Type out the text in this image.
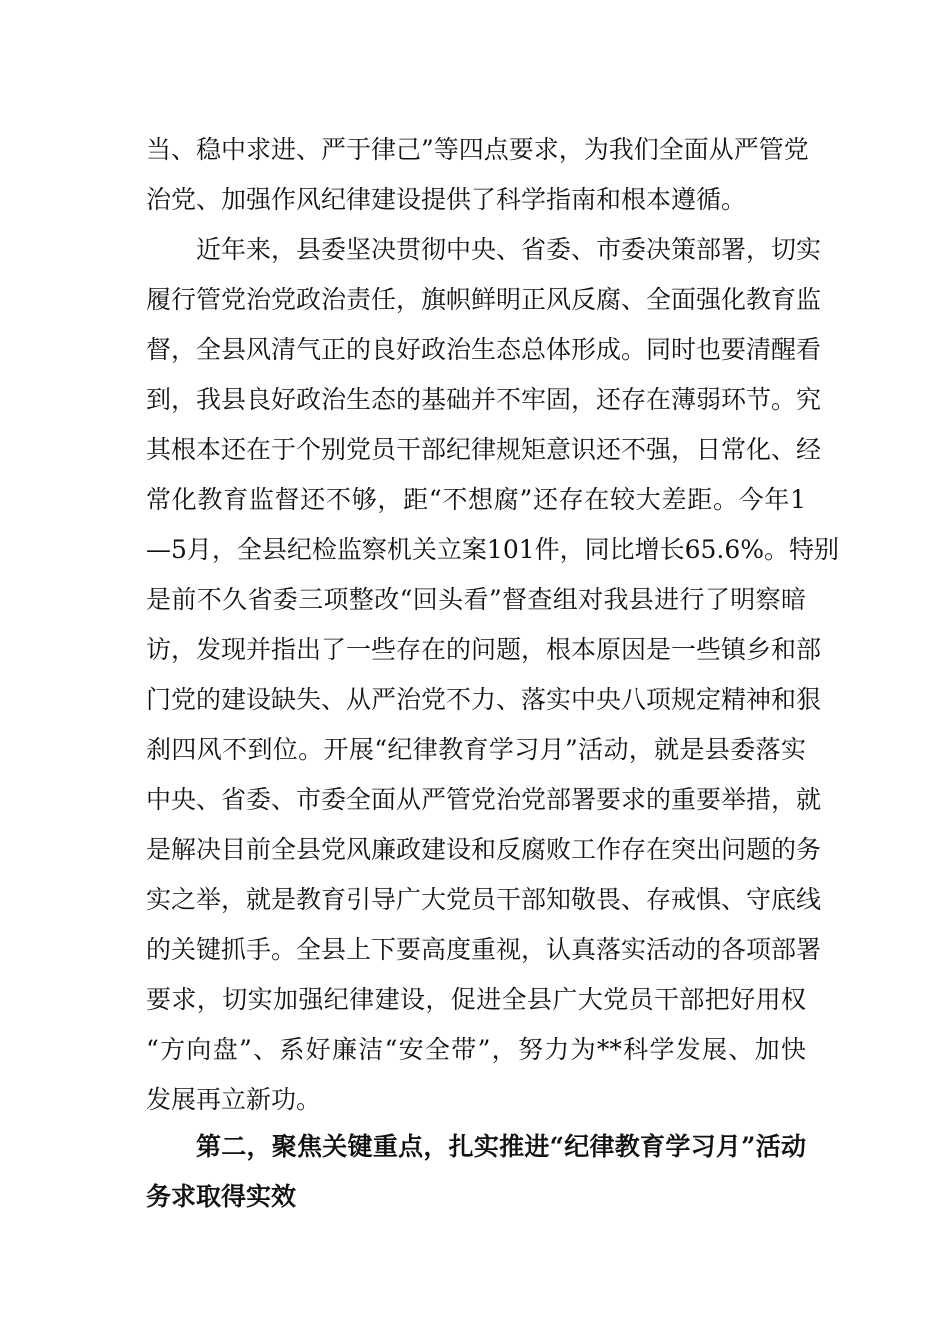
当、稳中求进、严于律己”等四点要求，为我们全面从严管党
治党、加强作风纪律建设提供了科学指南和根本遵循。
近年来，县委坚决贯彻中央、省委、市委决策部署，切实
履行管党治党政治责任，旗帜鲜明正风反腐、全面强化教育监
督，全县风清气正的良好政治生态总体形成。同时也要清醒看
到，我县良好政治生态的基础并不牢固，还存在薄弱环节。究
其根本还在于个别党员干部纪律规矩意识还不强，日常化、经
常化教育监督还不够，距“不想腐”还存在较大差距。今年1
—5月，全县纪检监察机关立案101件，同比增长65.6%。特别
是前不久省委三项整改“回头看”督查组对我县进行了明察暗
访，发现并指出了一些存在的问题，根本原因是一些镇乡和部
门党的建设缺失、从严治党不力、落实中央八项规定精神和狠
刹四风不到位。开展“纪律教育学习月”活动，就是县委落实
中央、省委、市委全面从严管党治党部署要求的重要举措，就
是解决目前全县党风廉政建设和反腐败工作存在突出问题的务
实之举，就是教育引导广大党员干部知敬畏、存戒惧、守底线
的关键抓手。全县上下要高度重视，认真落实活动的各项部署
要求，切实加强纪律建设，促进全县广大党员干部把好用权
“方向盘”、系好廉洁“安全带”，努力为**科学发展、加快
发展再立新功。
第二，聚焦关键重点，扎实推进“纪律教育学习月”活动
务求取得实效
